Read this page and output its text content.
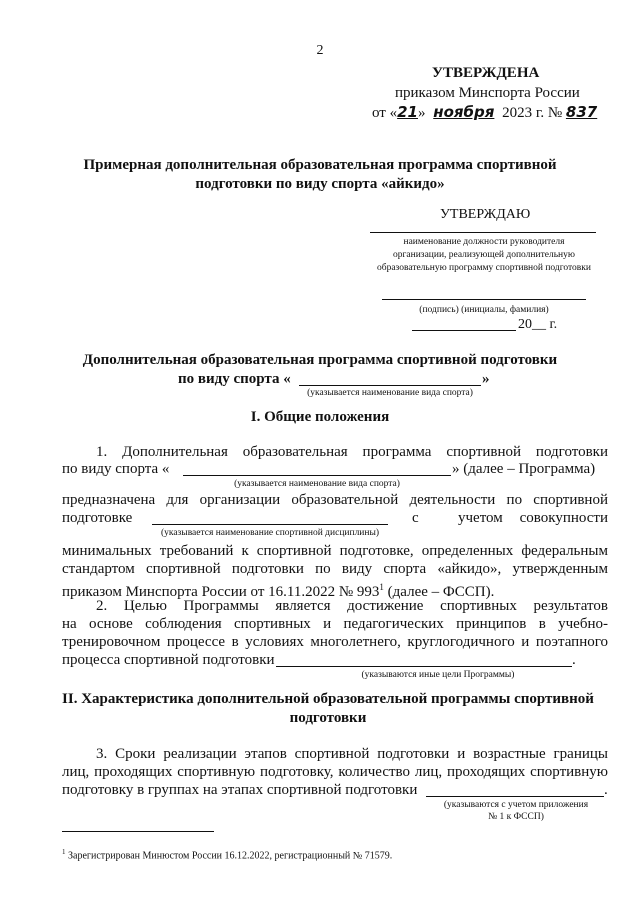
2
УТВЕРЖДЕНА
приказом Минспорта России
от «21» ноября 2023 г. № 837
Примерная дополнительная образовательная программа спортивной
подготовки по виду спорта «айкидо»
УТВЕРЖДАЮ
наименование должности руководителя
организации, реализующей дополнительную
образовательную программу спортивной подготовки
(подпись) (инициалы, фамилия)
20__ г.
Дополнительная образовательная программа спортивной подготовки
по виду спорта «	»
(указывается наименование вида спорта)
I. Общие положения
1. Дополнительная образовательная программа спортивной подготовки
по виду спорта «	» (далее – Программа)
(указывается наименование вида спорта)
предназначена для организации образовательной деятельности по спортивной
подготовке	с	учетом	совокупности
(указывается наименование спортивной дисциплины)
минимальных требований к спортивной подготовке, определенных федеральным
стандартом спортивной подготовки по виду спорта «айкидо», утвержденным
приказом Минспорта России от 16.11.2022 № $993^1$ (далее – ФССП).
2. Целью Программы является достижение спортивных результатов
на основе соблюдения спортивных и педагогических принципов в учебно-
тренировочном процессе в условиях многолетнего, круглогодичного и поэтапного
процесса спортивной подготовки	.
(указываются иные цели Программы)
II. Характеристика дополнительной образовательной программы спортивной
подготовки
3. Сроки реализации этапов спортивной подготовки и возрастные границы
лиц, проходящих спортивную подготовку, количество лиц, проходящих спортивную
подготовку в группах на этапах спортивной подготовки	.
(указываются с учетом приложения
№ 1 к ФССП)
$^1$ Зарегистрирован Минюстом России 16.12.2022, регистрационный № 71579.
